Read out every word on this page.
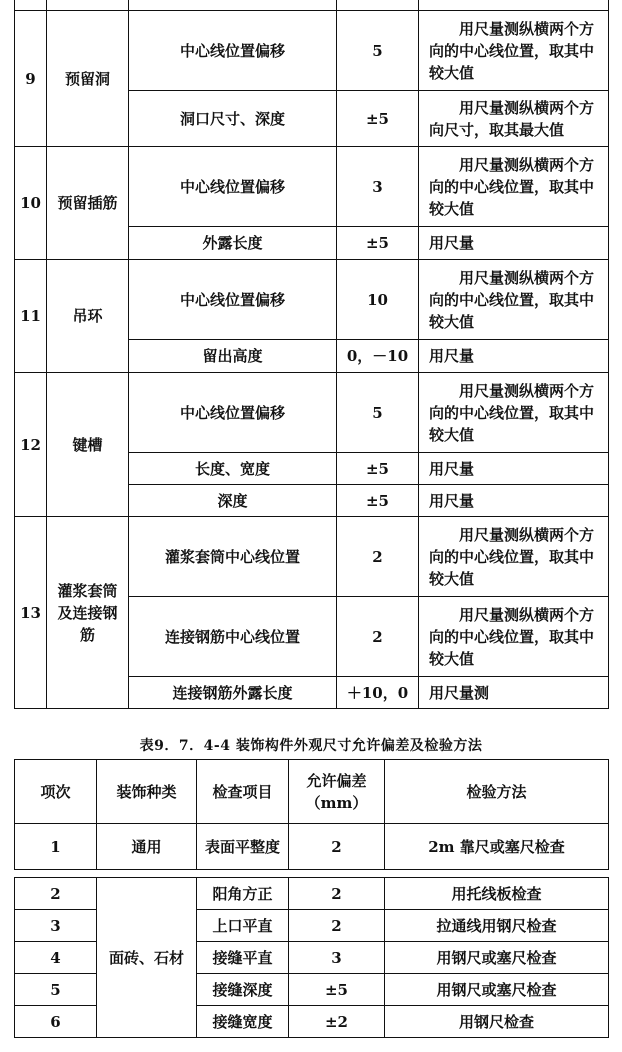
9	预留洞	中心线位置偏移	5	用尺量测纵横两个方向的中心线位置，取其中较大值
		洞口尺寸、深度	±5	用尺量测纵横两个方向尺寸，取其最大值
10	预留插筋	中心线位置偏移	3	用尺量测纵横两个方向的中心线位置，取其中较大值
		外露长度	±5	用尺量
11	吊环	中心线位置偏移	10	用尺量测纵横两个方向的中心线位置，取其中较大值
		留出高度	0，－10	用尺量
12	键槽	中心线位置偏移	5	用尺量测纵横两个方向的中心线位置，取其中较大值
		长度、宽度	±5	用尺量
		深度	±5	用尺量
13	灌浆套筒及连接钢筋	灌浆套筒中心线位置	2	用尺量测纵横两个方向的中心线位置，取其中较大值
		连接钢筋中心线位置	2	用尺量测纵横两个方向的中心线位置，取其中较大值
		连接钢筋外露长度	＋10，0	用尺量测
表9．7．4-4 装饰构件外观尺寸允许偏差及检验方法
项次	装饰种类	检查项目	允许偏差（mm）	检验方法
1	通用	表面平整度	2	2m 靠尺或塞尺检查
2	面砖、石材	阳角方正	2	用托线板检查
3		上口平直	2	拉通线用钢尺检查
4		接缝平直	3	用钢尺或塞尺检查
5		接缝深度	±5	用钢尺或塞尺检查
6		接缝宽度	±2	用钢尺检查
